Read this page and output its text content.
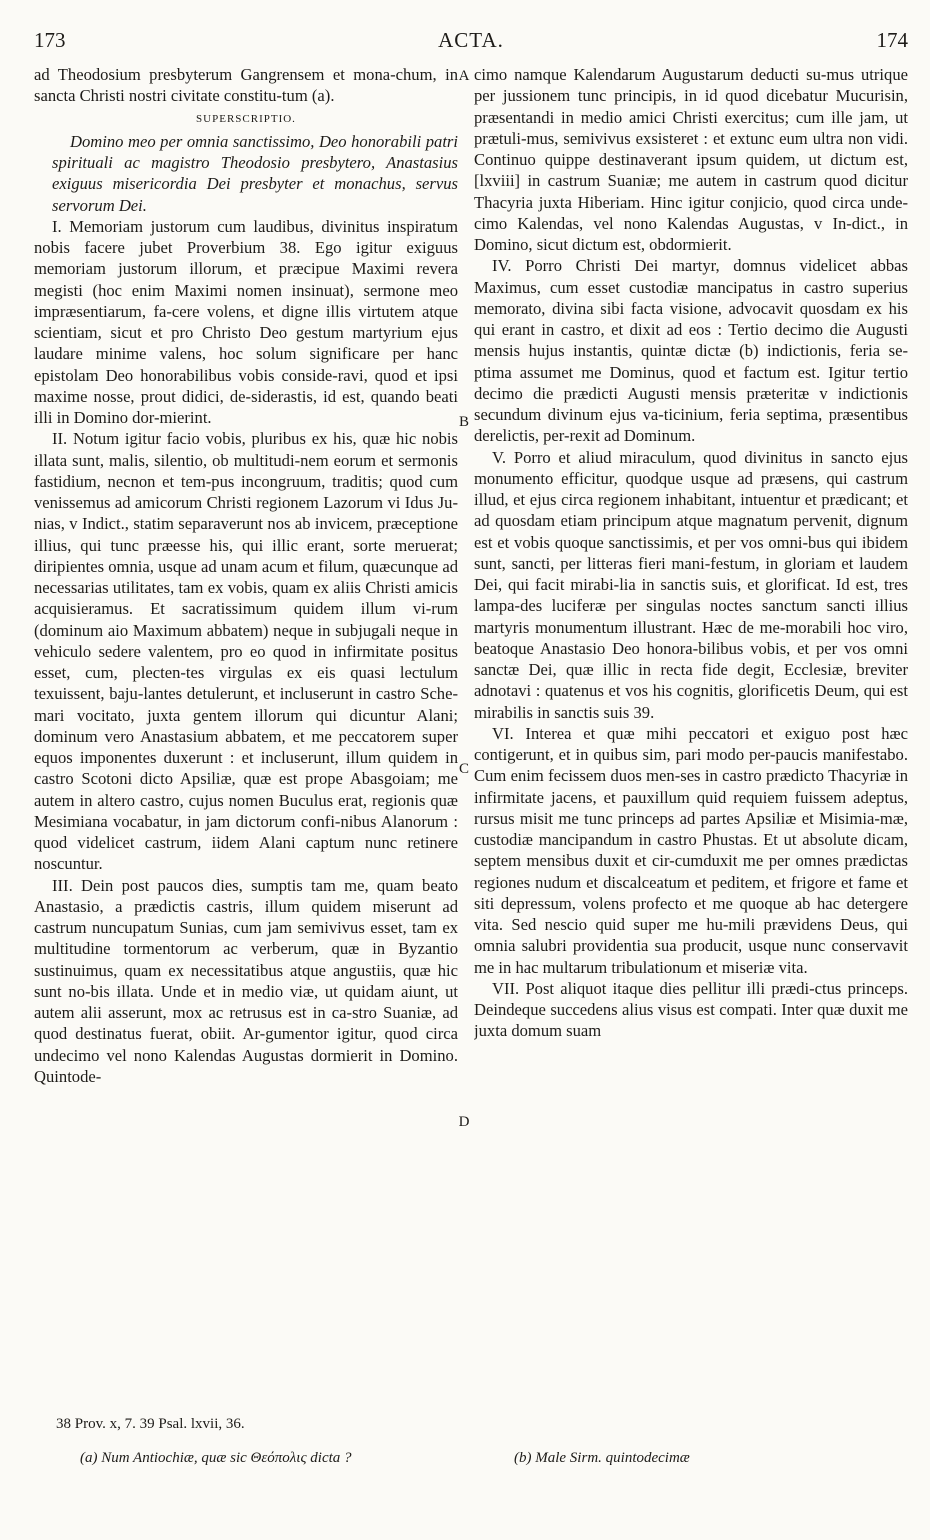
173	ACTA.	174

ad Theodosium presbyterum Gangrensem et mona-chum, in sancta Christi nostri civitate constitu-tum (a).

SUPERSCRIPTIO.

Domino meo per omnia sanctissimo, Deo honorabili patri spirituali ac magistro Theodosio presbytero, Anastasius exiguus misericordia Dei presbyter et monachus, servus servorum Dei.

I. Memoriam justorum cum laudibus, divinitus inspiratum nobis facere jubet Proverbium 38. Ego igitur exiguus memoriam justorum illorum, et præcipue Maximi revera megisti (hoc enim Maximi nomen insinuat), sermone meo impræsentiarum, fa-cere volens, et digne illis virtutem atque scientiam, sicut et pro Christo Deo gestum martyrium ejus laudare minime valens, hoc solum significare per hanc epistolam Deo honorabilibus vobis conside-ravi, quod et ipsi maxime nosse, prout didici, de-siderastis, id est, quando beati illi in Domino dor-mierint.

II. Notum igitur facio vobis, pluribus ex his, quæ hic nobis illata sunt, malis, silentio, ob multitudi-nem eorum et sermonis fastidium, necnon et tem-pus incongruum, traditis; quod cum venissemus ad amicorum Christi regionem Lazorum vi Idus Ju-nias, v Indict., statim separaverunt nos ab invicem, præceptione illius, qui tunc præesse his, qui illic erant, sorte meruerat; diripientes omnia, usque ad unam acum et filum, quæcunque ad necessarias utilitates, tam ex vobis, quam ex aliis Christi amicis acquisieramus. Et sacratissimum quidem illum vi-rum (dominum aio Maximum abbatem) neque in subjugali neque in vehiculo sedere valentem, pro eo quod in infirmitate positus esset, cum, plecten-tes virgulas ex eis quasi lectulum texuissent, baju-lantes detulerunt, et incluserunt in castro Sche-mari vocitato, juxta gentem illorum qui dicuntur Alani; dominum vero Anastasium abbatem, et me peccatorem super equos imponentes duxerunt : et incluserunt, illum quidem in castro Scotoni dicto Apsiliæ, quæ est prope Abasgoiam; me autem in altero castro, cujus nomen Buculus erat, regionis quæ Mesimiana vocabatur, in jam dictorum confi-nibus Alanorum : quod videlicet castrum, iidem Alani captum nunc retinere noscuntur.

III. Dein post paucos dies, sumptis tam me, quam beato Anastasio, a prædictis castris, illum quidem miserunt ad castrum nuncupatum Sunias, cum jam semivivus esset, tam ex multitudine tormentorum ac verberum, quæ in Byzantio sustinuimus, quam ex necessitatibus atque angustiis, quæ hic sunt no-bis illata. Unde et in medio viæ, ut quidam aiunt, ut autem alii asserunt, mox ac retrusus est in ca-stro Suaniæ, ad quod destinatus fuerat, obiit. Ar-gumentor igitur, quod circa undecimo vel nono Kalendas Augustas dormierit in Domino. Quintode-

A
B
C
D

cimo namque Kalendarum Augustarum deducti su-mus utrique per jussionem tunc principis, in id quod dicebatur Mucurisin, præsentandi in medio amici Christi exercitus; cum ille jam, ut prætuli-mus, semivivus exsisteret : et extunc eum ultra non vidi. Continuo quippe destinaverant ipsum quidem, ut dictum est, [lxviii] in castrum Suaniæ; me autem in castrum quod dicitur Thacyria juxta Hiberiam. Hinc igitur conjicio, quod circa unde-cimo Kalendas, vel nono Kalendas Augustas, v In-dict., in Domino, sicut dictum est, obdormierit.

IV. Porro Christi Dei martyr, domnus videlicet abbas Maximus, cum esset custodiæ mancipatus in castro superius memorato, divina sibi facta visione, advocavit quosdam ex his qui erant in castro, et dixit ad eos : Tertio decimo die Augusti mensis hujus instantis, quintæ dictæ (b) indictionis, feria se-ptima assumet me Dominus, quod et factum est. Igitur tertio decimo die prædicti Augusti mensis præteritæ v indictionis secundum divinum ejus va-ticinium, feria septima, præsentibus derelictis, per-rexit ad Dominum.

V. Porro et aliud miraculum, quod divinitus in sancto ejus monumento efficitur, quodque usque ad præsens, qui castrum illud, et ejus circa regionem inhabitant, intuentur et prædicant; et ad quosdam etiam principum atque magnatum pervenit, dignum est et vobis quoque sanctissimis, et per vos omni-bus qui ibidem sunt, sancti, per litteras fieri mani-festum, in gloriam et laudem Dei, qui facit mirabi-lia in sanctis suis, et glorificat. Id est, tres lampa-des luciferæ per singulas noctes sanctum sancti illius martyris monumentum illustrant. Hæc de me-morabili hoc viro, beatoque Anastasio Deo honora-bilibus vobis, et per vos omni sanctæ Dei, quæ illic in recta fide degit, Ecclesiæ, breviter adnotavi : quatenus et vos his cognitis, glorificetis Deum, qui est mirabilis in sanctis suis 39.

VI. Interea et quæ mihi peccatori et exiguo post hæc contigerunt, et in quibus sim, pari modo per-paucis manifestabo. Cum enim fecissem duos men-ses in castro prædicto Thacyriæ in infirmitate jacens, et pauxillum quid requiem fuissem adeptus, rursus misit me tunc princeps ad partes Apsiliæ et Misimia-mæ, custodiæ mancipandum in castro Phustas. Et ut absolute dicam, septem mensibus duxit et cir-cumduxit me per omnes prædictas regiones nudum et discalceatum et peditem, et frigore et fame et siti depressum, volens profecto et me quoque ab hac detergere vita. Sed nescio quid super me hu-mili prævidens Deus, qui omnia salubri providentia sua producit, usque nunc conservavit me in hac multarum tribulationum et miseriæ vita.

VII. Post aliquot itaque dies pellitur illi prædi-ctus princeps. Deindeque succedens alius visus est compati. Inter quæ duxit me juxta domum suam

38 Prov. x, 7. 39 Psal. lxvii, 36.
(a) Num Antiochiæ, quæ sic Θεόπολις dicta ?	(b) Male Sirm. quintodecimæ
